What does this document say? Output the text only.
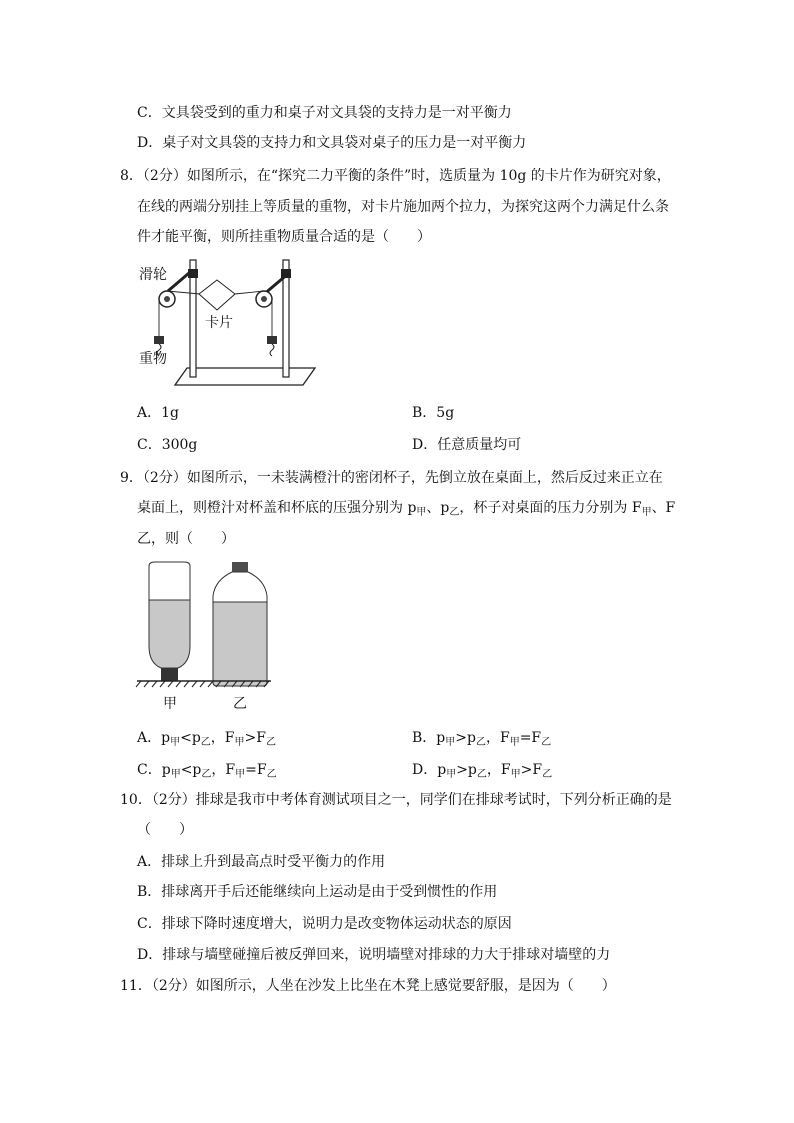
C．文具袋受到的重力和桌子对文具袋的支持力是一对平衡力
D．桌子对文具袋的支持力和文具袋对桌子的压力是一对平衡力
8．（2分）如图所示，在“探究二力平衡的条件”时，选质量为 10g 的卡片作为研究对象，
在线的两端分别挂上等质量的重物，对卡片施加两个拉力，为探究这两个力满足什么条
件才能平衡，则所挂重物质量合适的是（　　）
滑轮
卡片
重物
A．1g	B．5g
C．300g	D．任意质量均可
9．（2分）如图所示，一未装满橙汁的密闭杯子，先倒立放在桌面上，然后反过来正立在
桌面上，则橙汁对杯盖和杯底的压强分别为 $p_甲$、$p_乙$，杯子对桌面的压力分别为 $F_甲$、F
乙，则（　　）
甲	乙
A．$p_甲<p_乙$，$F_甲>F_乙$	B．$p_甲>p_乙$，$F_甲=F_乙$
C．$p_甲<p_乙$，$F_甲=F_乙$	D．$p_甲>p_乙$，$F_甲>F_乙$
10．（2分）排球是我市中考体育测试项目之一，同学们在排球考试时，下列分析正确的是
（　　）
A．排球上升到最高点时受平衡力的作用
B．排球离开手后还能继续向上运动是由于受到惯性的作用
C．排球下降时速度增大，说明力是改变物体运动状态的原因
D．排球与墙壁碰撞后被反弹回来，说明墙壁对排球的力大于排球对墙壁的力
11．（2分）如图所示，人坐在沙发上比坐在木凳上感觉要舒服，是因为（　　）
